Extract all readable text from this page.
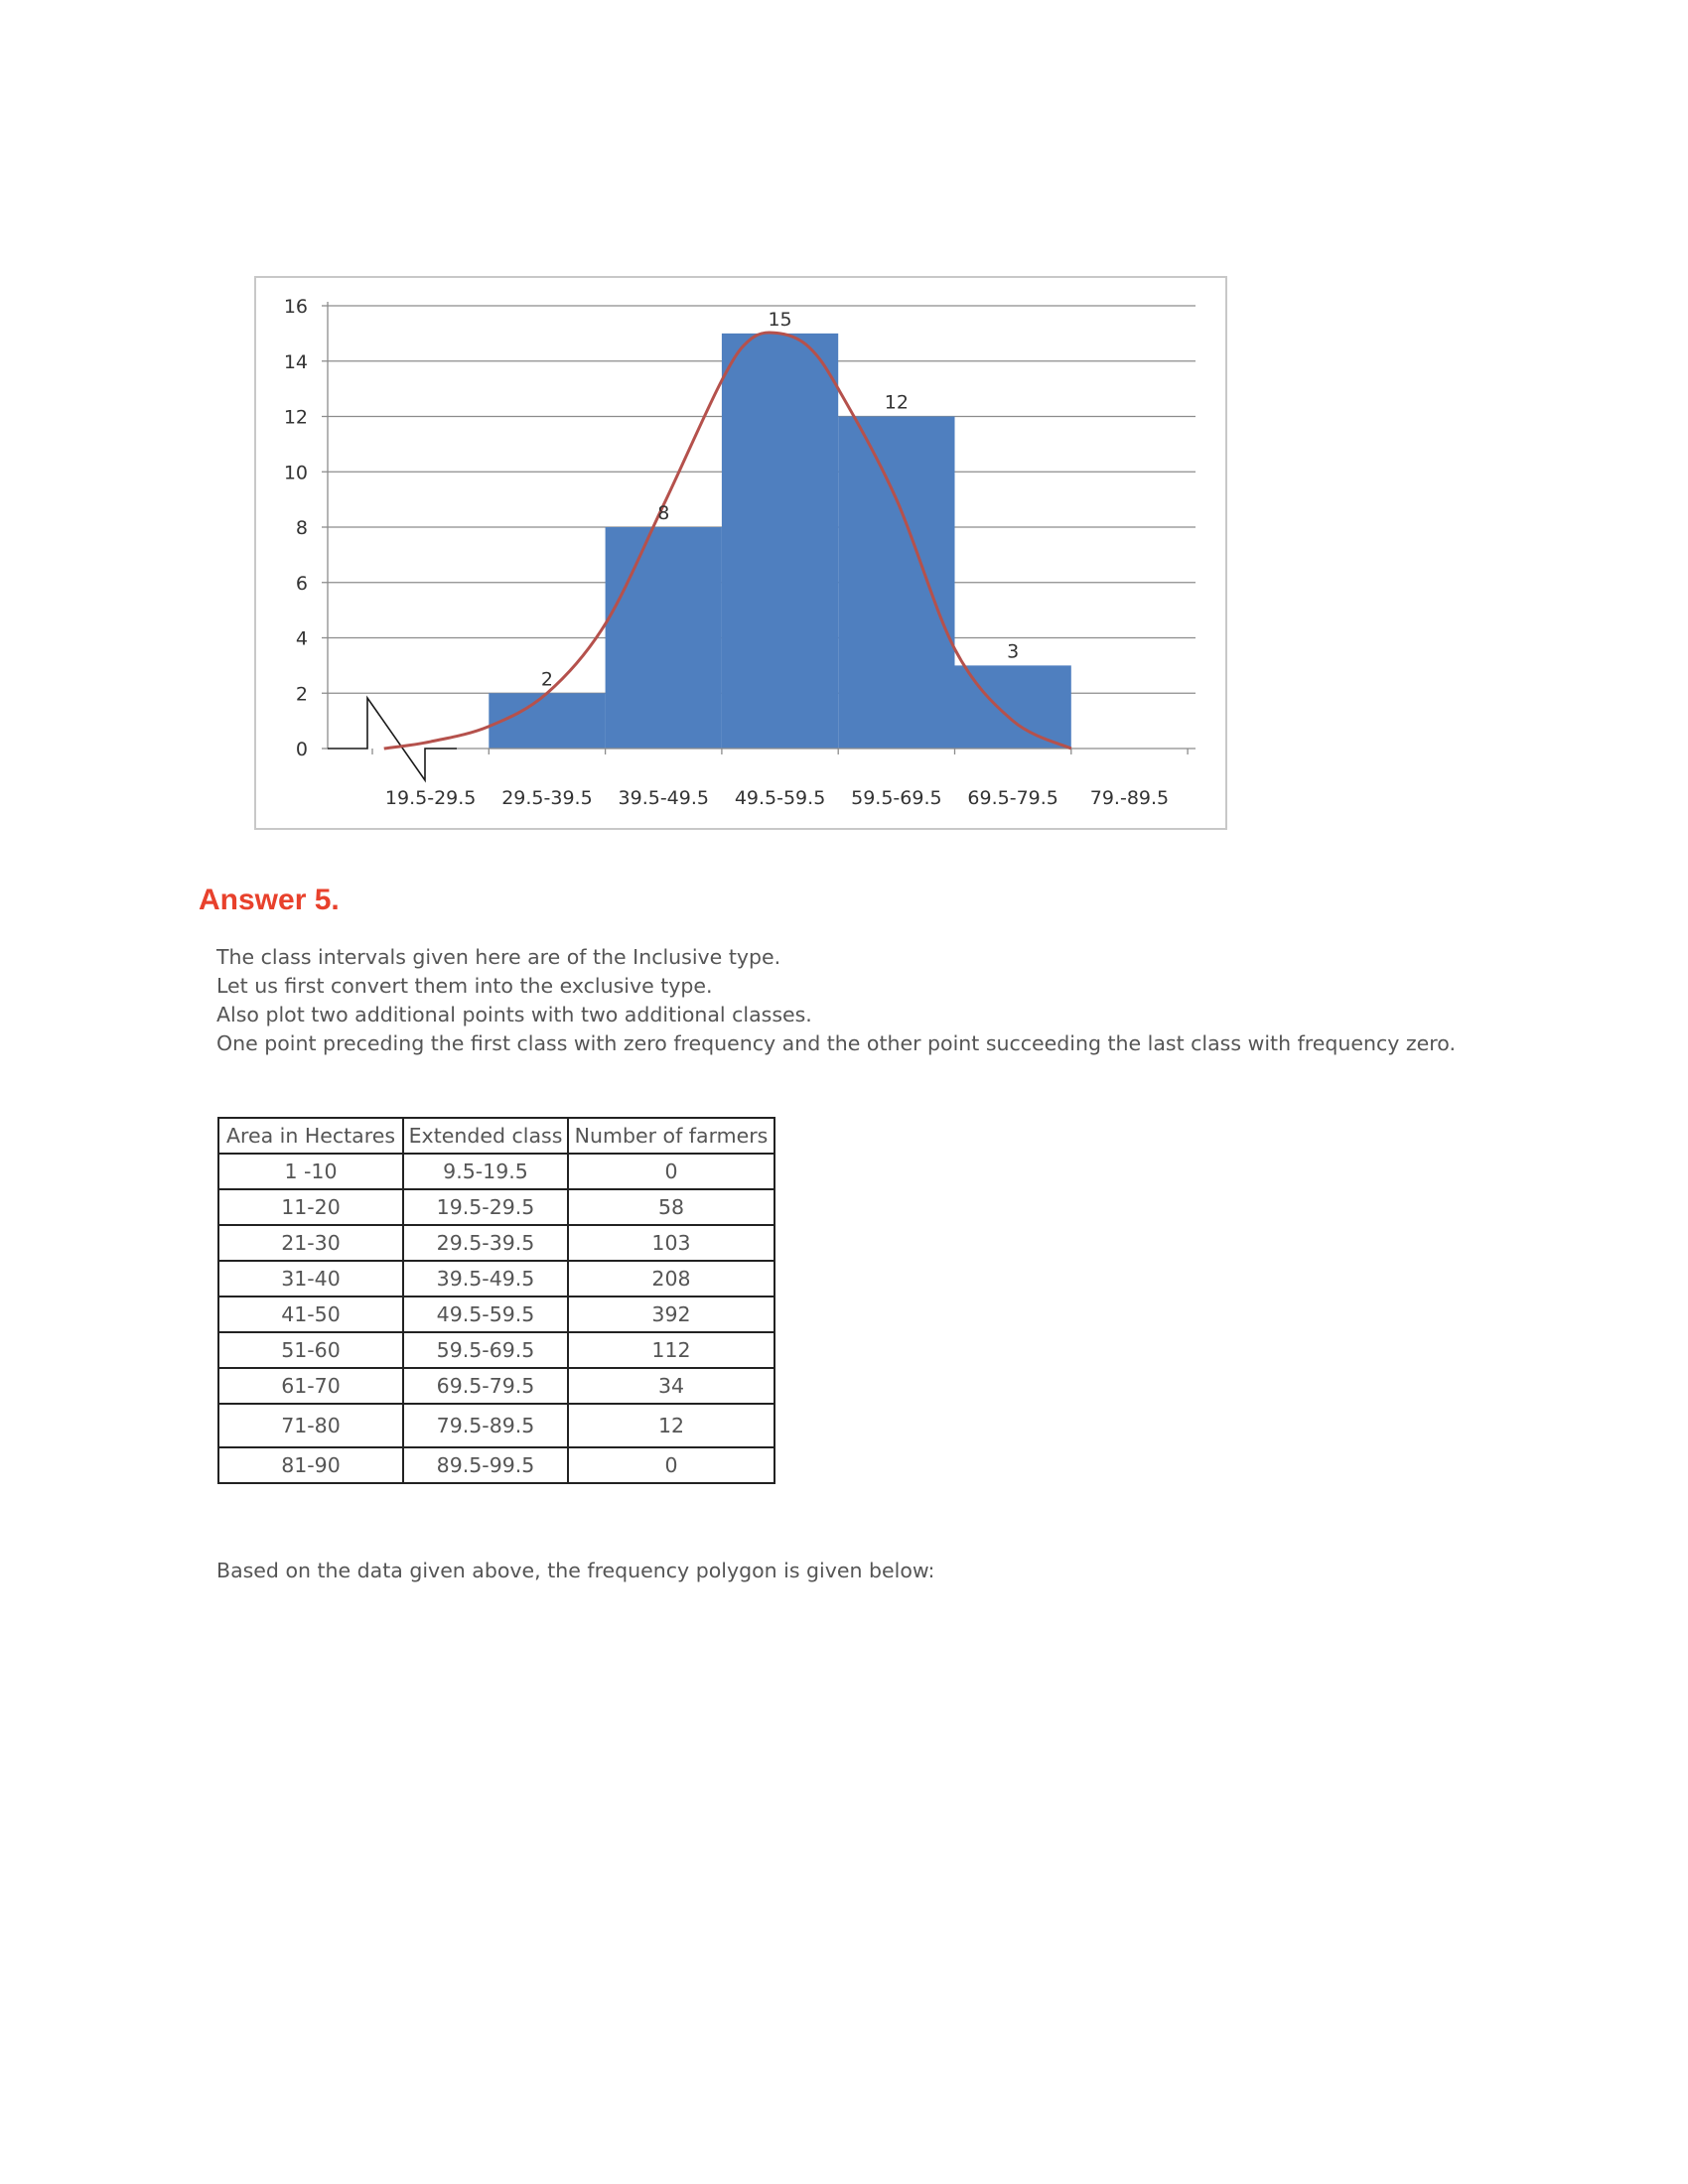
0
2
4
6
8
10
12
14
16
19.5-29.5 29.5-39.5 39.5-49.5 49.5-59.5 59.5-69.5 69.5-79.5 79.-89.5
2
8
15
12
3
Answer 5.

The class intervals given here are of the Inclusive type.

Let us first convert them into the exclusive type.

Also plot two additional points with two additional classes.

One point preceding the first class with zero frequency and the other point succeeding the last class with frequency zero.

Area in Hectares	Extended class	Number of farmers
1 -10	9.5-19.5	0
11-20	19.5-29.5	58
21-30	29.5-39.5	103
31-40	39.5-49.5	208
41-50	49.5-59.5	392
51-60	59.5-69.5	112
61-70	69.5-79.5	34
71-80	79.5-89.5	12
81-90	89.5-99.5	0

Based on the data given above, the frequency polygon is given below:
